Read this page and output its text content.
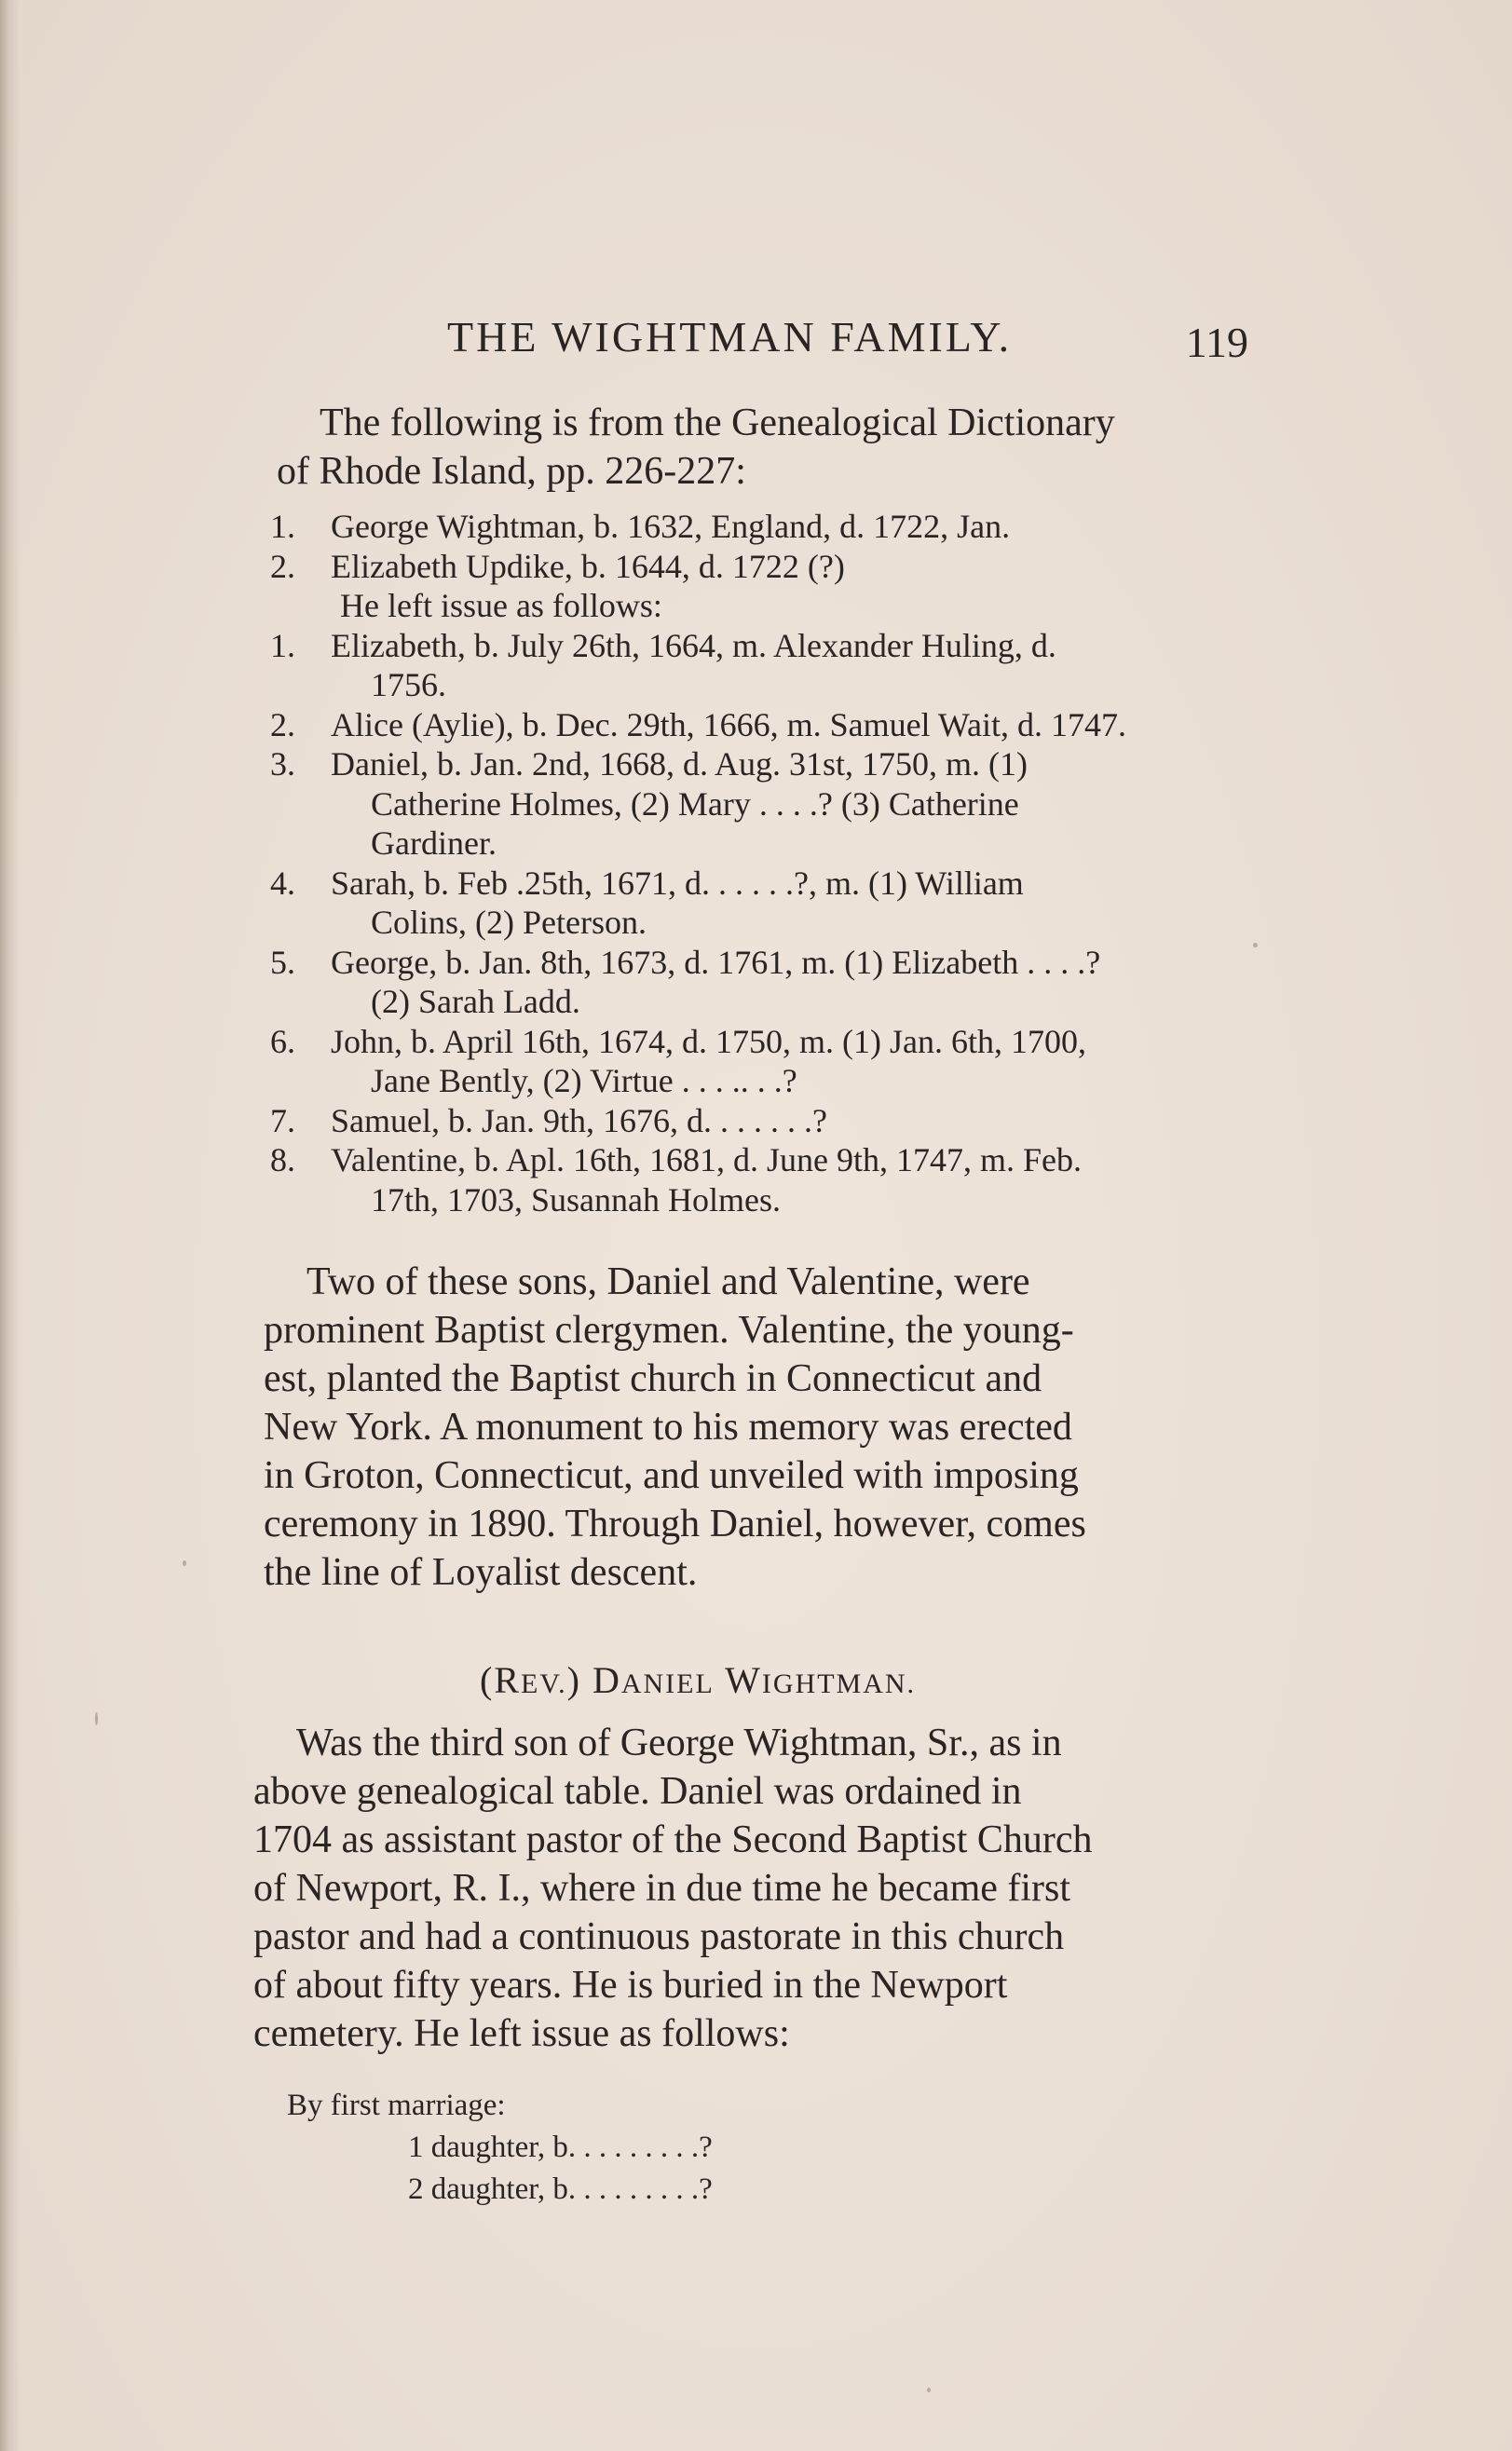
THE WIGHTMAN FAMILY.	119
The following is from the Genealogical Dictionary
of Rhode Island, pp. 226-227:
1.	George Wightman, b. 1632, England, d. 1722, Jan.
2.	Elizabeth Updike, b. 1644, d. 1722 (?)
He left issue as follows:
1.	Elizabeth, b. July 26th, 1664, m. Alexander Huling, d.
1756.
2.	Alice (Aylie), b. Dec. 29th, 1666, m. Samuel Wait, d. 1747.
3.	Daniel, b. Jan. 2nd, 1668, d. Aug. 31st, 1750, m. (1)
Catherine Holmes, (2) Mary . . . .? (3) Catherine
Gardiner.
4.	Sarah, b. Feb .25th, 1671, d. . . . . .?, m. (1) William
Colins, (2) Peterson.
5.	George, b. Jan. 8th, 1673, d. 1761, m. (1) Elizabeth . . . .?
(2) Sarah Ladd.
6.	John, b. April 16th, 1674, d. 1750, m. (1) Jan. 6th, 1700,
Jane Bently, (2) Virtue . . . .. . .?
7.	Samuel, b. Jan. 9th, 1676, d. . . . . . .?
8.	Valentine, b. Apl. 16th, 1681, d. June 9th, 1747, m. Feb.
17th, 1703, Susannah Holmes.
Two of these sons, Daniel and Valentine, were
prominent Baptist clergymen. Valentine, the young-
est, planted the Baptist church in Connecticut and
New York. A monument to his memory was erected
in Groton, Connecticut, and unveiled with imposing
ceremony in 1890. Through Daniel, however, comes
the line of Loyalist descent.
(REV.) DANIEL WIGHTMAN.
Was the third son of George Wightman, Sr., as in
above genealogical table. Daniel was ordained in
1704 as assistant pastor of the Second Baptist Church
of Newport, R. I., where in due time he became first
pastor and had a continuous pastorate in this church
of about fifty years. He is buried in the Newport
cemetery. He left issue as follows:
By first marriage:
1 daughter, b. . . . . . . . .?
2 daughter, b. . . . . . . . .?
